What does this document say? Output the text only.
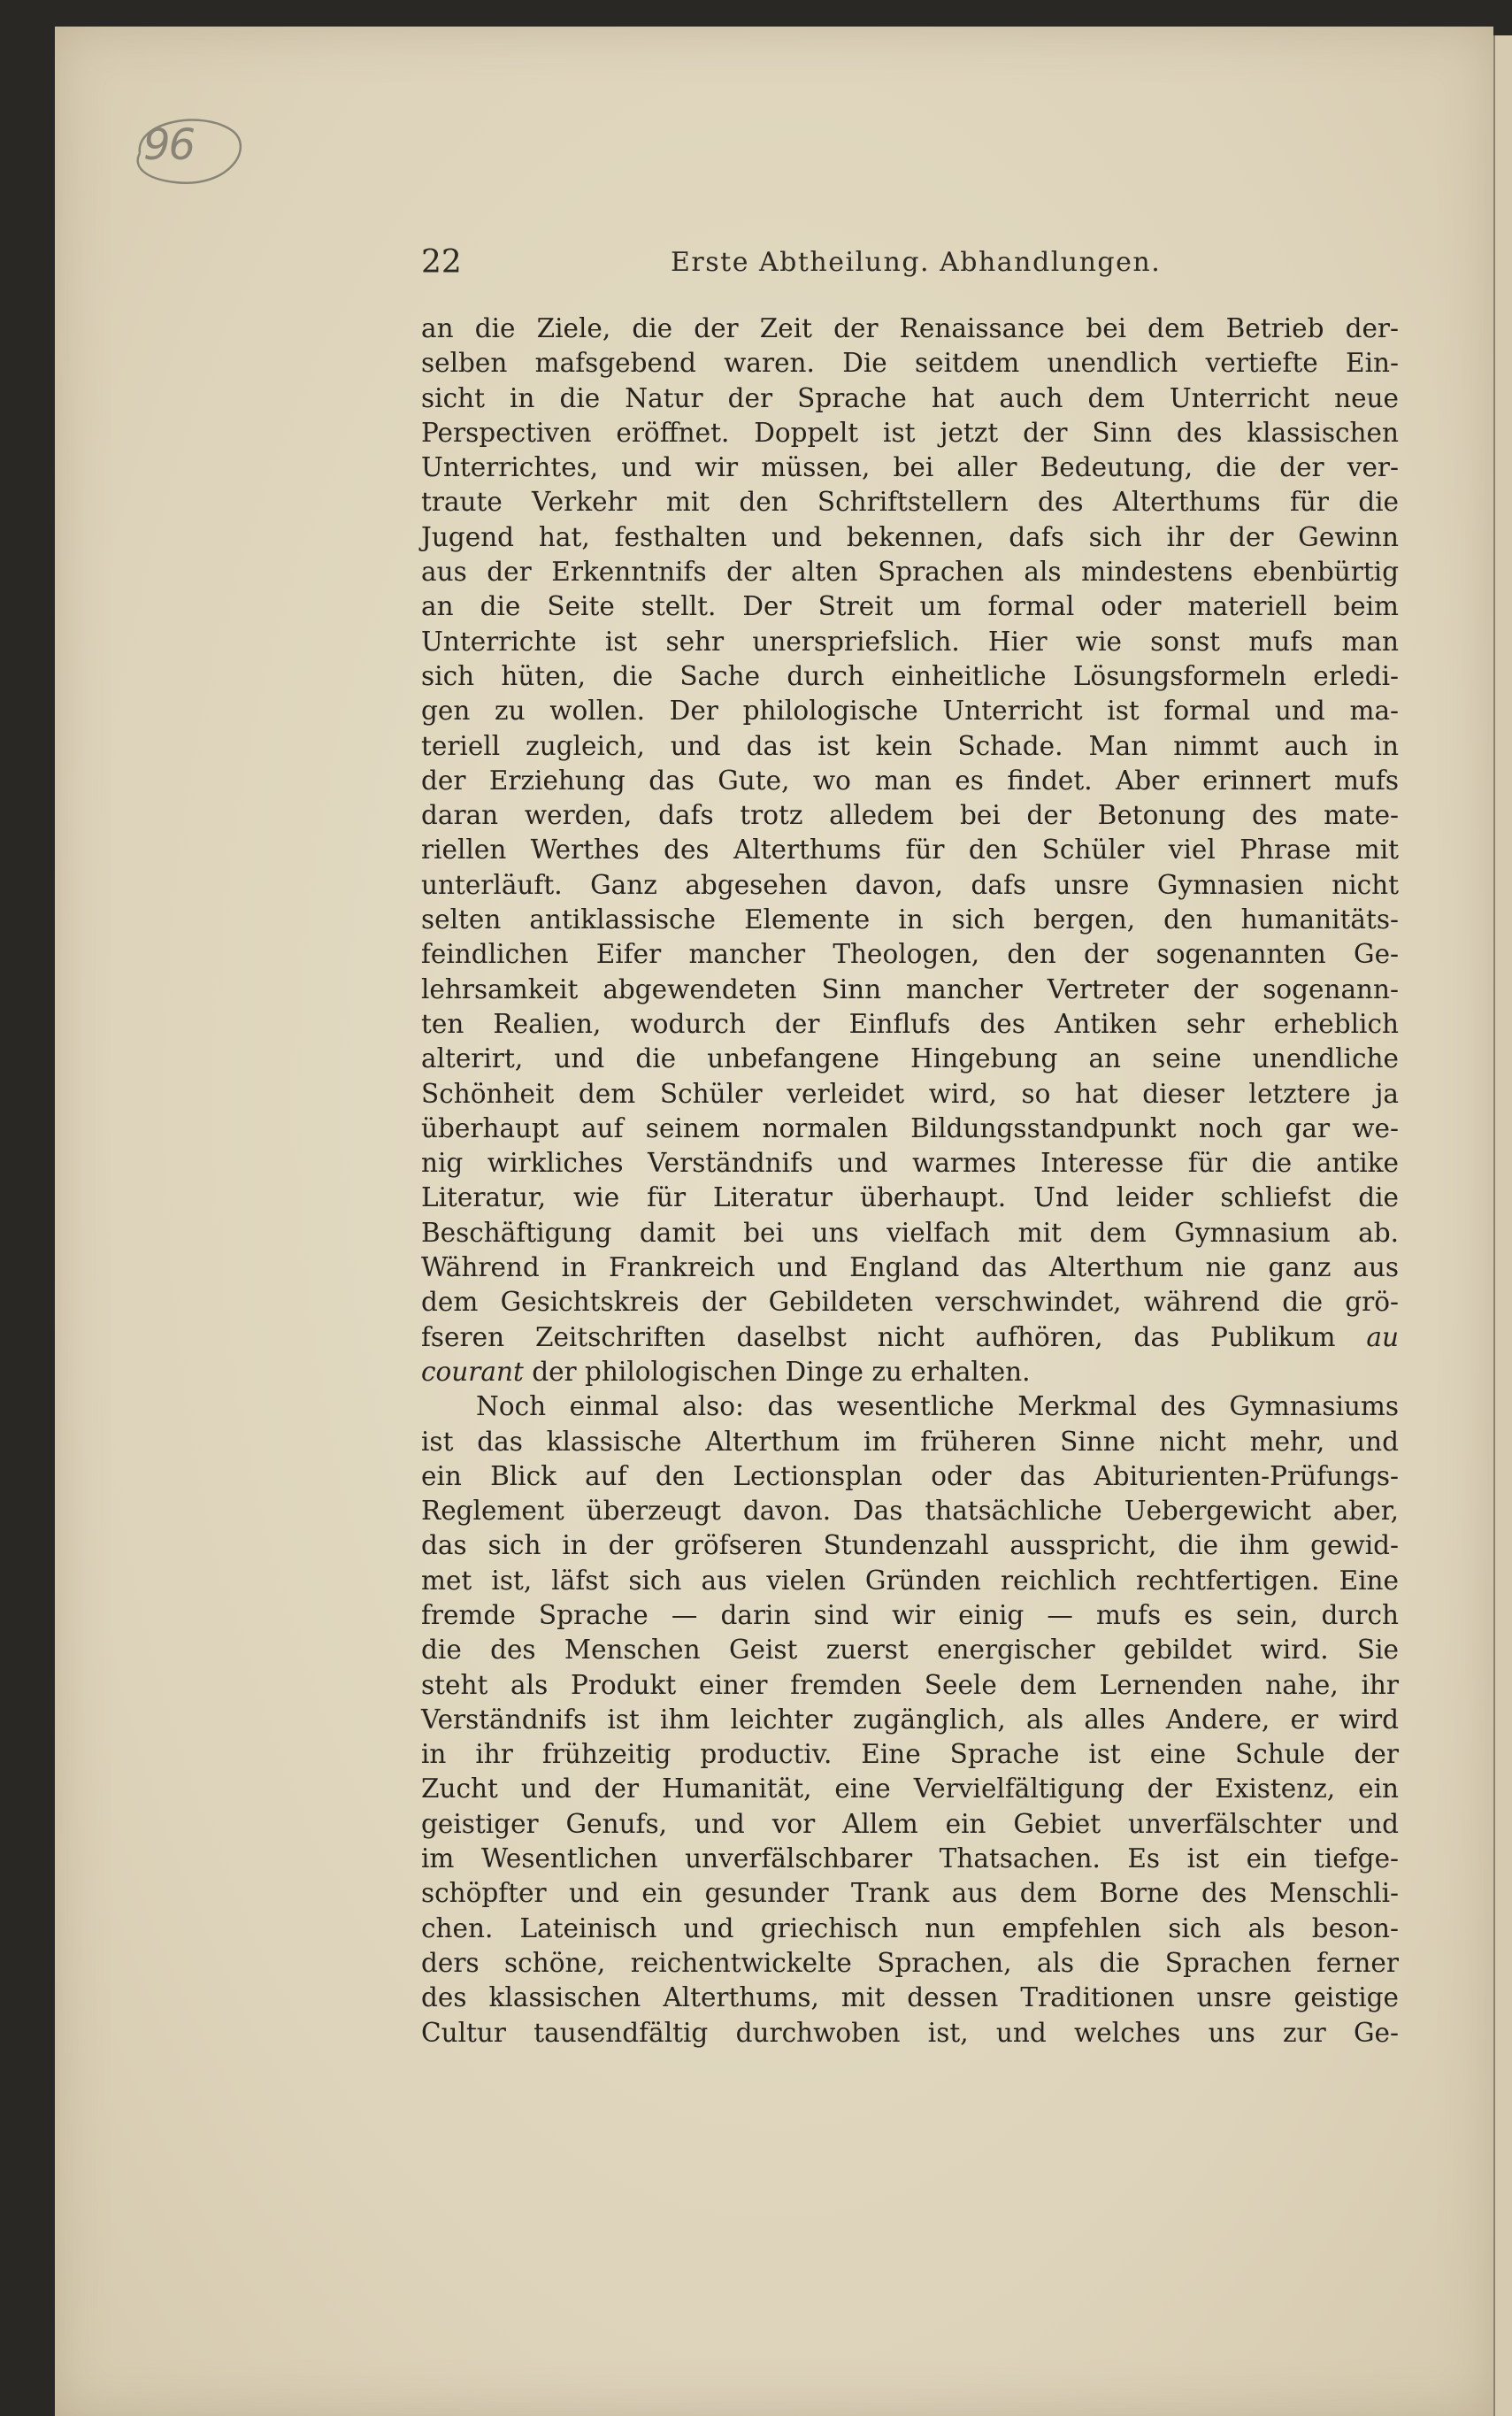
96
22	Erste Abtheilung. Abhandlungen.
an die Ziele, die der Zeit der Renaissance bei dem Betrieb der-
selben mafsgebend waren. Die seitdem unendlich vertiefte Ein-
sicht in die Natur der Sprache hat auch dem Unterricht neue
Perspectiven eröffnet. Doppelt ist jetzt der Sinn des klassischen
Unterrichtes, und wir müssen, bei aller Bedeutung, die der ver-
traute Verkehr mit den Schriftstellern des Alterthums für die
Jugend hat, festhalten und bekennen, dafs sich ihr der Gewinn
aus der Erkenntnifs der alten Sprachen als mindestens ebenbürtig
an die Seite stellt. Der Streit um formal oder materiell beim
Unterrichte ist sehr unerspriefslich. Hier wie sonst mufs man
sich hüten, die Sache durch einheitliche Lösungsformeln erledi-
gen zu wollen. Der philologische Unterricht ist formal und ma-
teriell zugleich, und das ist kein Schade. Man nimmt auch in
der Erziehung das Gute, wo man es findet. Aber erinnert mufs
daran werden, dafs trotz alledem bei der Betonung des mate-
riellen Werthes des Alterthums für den Schüler viel Phrase mit
unterläuft. Ganz abgesehen davon, dafs unsre Gymnasien nicht
selten antiklassische Elemente in sich bergen, den humanitäts-
feindlichen Eifer mancher Theologen, den der sogenannten Ge-
lehrsamkeit abgewendeten Sinn mancher Vertreter der sogenann-
ten Realien, wodurch der Einflufs des Antiken sehr erheblich
alterirt, und die unbefangene Hingebung an seine unendliche
Schönheit dem Schüler verleidet wird, so hat dieser letztere ja
überhaupt auf seinem normalen Bildungsstandpunkt noch gar we-
nig wirkliches Verständnifs und warmes Interesse für die antike
Literatur, wie für Literatur überhaupt. Und leider schliefst die
Beschäftigung damit bei uns vielfach mit dem Gymnasium ab.
Während in Frankreich und England das Alterthum nie ganz aus
dem Gesichtskreis der Gebildeten verschwindet, während die grö-
fseren Zeitschriften daselbst nicht aufhören, das Publikum au
courant der philologischen Dinge zu erhalten.
Noch einmal also: das wesentliche Merkmal des Gymnasiums
ist das klassische Alterthum im früheren Sinne nicht mehr, und
ein Blick auf den Lectionsplan oder das Abiturienten-Prüfungs-
Reglement überzeugt davon. Das thatsächliche Uebergewicht aber,
das sich in der gröfseren Stundenzahl ausspricht, die ihm gewid-
met ist, läfst sich aus vielen Gründen reichlich rechtfertigen. Eine
fremde Sprache — darin sind wir einig — mufs es sein, durch
die des Menschen Geist zuerst energischer gebildet wird. Sie
steht als Produkt einer fremden Seele dem Lernenden nahe, ihr
Verständnifs ist ihm leichter zugänglich, als alles Andere, er wird
in ihr frühzeitig productiv. Eine Sprache ist eine Schule der
Zucht und der Humanität, eine Vervielfältigung der Existenz, ein
geistiger Genufs, und vor Allem ein Gebiet unverfälschter und
im Wesentlichen unverfälschbarer Thatsachen. Es ist ein tiefge-
schöpfter und ein gesunder Trank aus dem Borne des Menschli-
chen. Lateinisch und griechisch nun empfehlen sich als beson-
ders schöne, reichentwickelte Sprachen, als die Sprachen ferner
des klassischen Alterthums, mit dessen Traditionen unsre geistige
Cultur tausendfältig durchwoben ist, und welches uns zur Ge-
